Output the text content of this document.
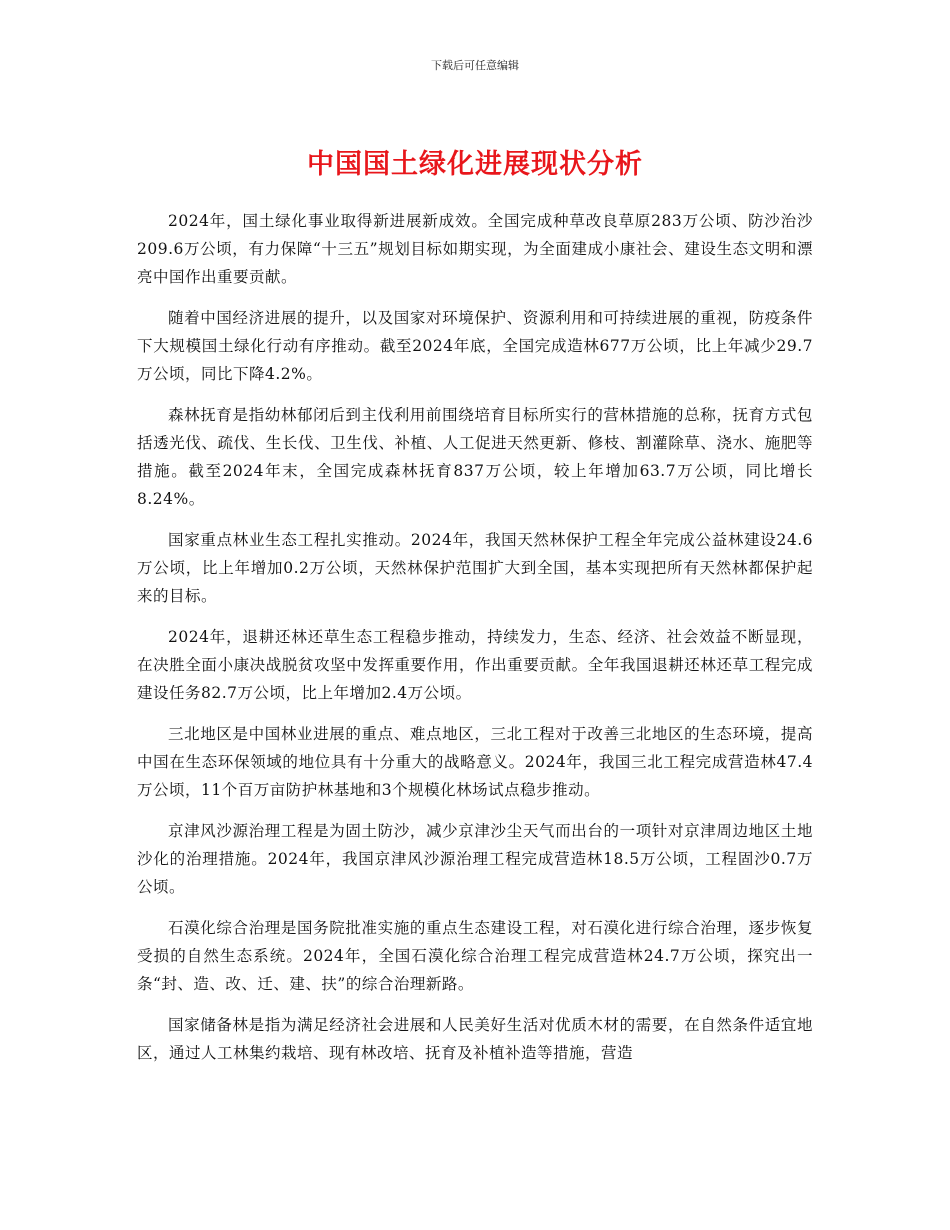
下载后可任意编辑
中国国土绿化进展现状分析

2024年，国土绿化事业取得新进展新成效。全国完成种草改良草原283万公顷、防沙治沙209.6万公顷，有力保障“十三五”规划目标如期实现，为全面建成小康社会、建设生态文明和漂亮中国作出重要贡献。

随着中国经济进展的提升，以及国家对环境保护、资源利用和可持续进展的重视，防疫条件下大规模国土绿化行动有序推动。截至2024年底，全国完成造林677万公顷，比上年减少29.7万公顷，同比下降4.2%。

森林抚育是指幼林郁闭后到主伐利用前围绕培育目标所实行的营林措施的总称，抚育方式包括透光伐、疏伐、生长伐、卫生伐、补植、人工促进天然更新、修枝、割灌除草、浇水、施肥等措施。截至2024年末，全国完成森林抚育837万公顷，较上年增加63.7万公顷，同比增长8.24%。

国家重点林业生态工程扎实推动。2024年，我国天然林保护工程全年完成公益林建设24.6万公顷，比上年增加0.2万公顷，天然林保护范围扩大到全国，基本实现把所有天然林都保护起来的目标。

2024年，退耕还林还草生态工程稳步推动，持续发力，生态、经济、社会效益不断显现，在决胜全面小康决战脱贫攻坚中发挥重要作用，作出重要贡献。全年我国退耕还林还草工程完成建设任务82.7万公顷，比上年增加2.4万公顷。

三北地区是中国林业进展的重点、难点地区，三北工程对于改善三北地区的生态环境，提高中国在生态环保领域的地位具有十分重大的战略意义。2024年，我国三北工程完成营造林47.4万公顷，11个百万亩防护林基地和3个规模化林场试点稳步推动。

京津风沙源治理工程是为固土防沙，减少京津沙尘天气而出台的一项针对京津周边地区土地沙化的治理措施。2024年，我国京津风沙源治理工程完成营造林18.5万公顷，工程固沙0.7万公顷。

石漠化综合治理是国务院批准实施的重点生态建设工程，对石漠化进行综合治理，逐步恢复受损的自然生态系统。2024年，全国石漠化综合治理工程完成营造林24.7万公顷，探究出一条“封、造、改、迁、建、扶”的综合治理新路。

国家储备林是指为满足经济社会进展和人民美好生活对优质木材的需要，在自然条件适宜地区，通过人工林集约栽培、现有林改培、抚育及补植补造等措施，营造
